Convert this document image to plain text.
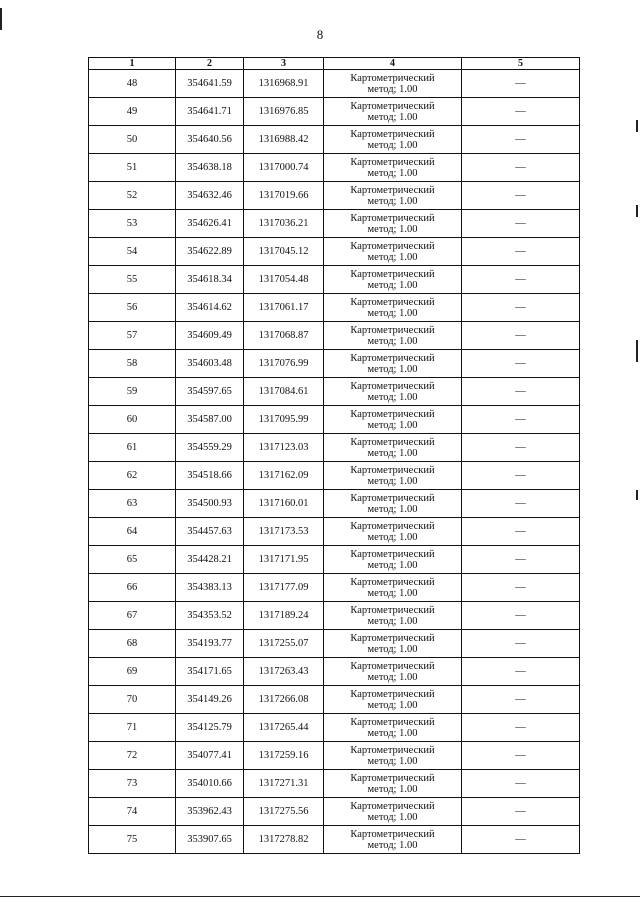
8
1	2	3	4	5
48	354641.59	1316968.91	Картометрический
метод; 1.00	—
49	354641.71	1316976.85	Картометрический
метод; 1.00	—
50	354640.56	1316988.42	Картометрический
метод; 1.00	—
51	354638.18	1317000.74	Картометрический
метод; 1.00	—
52	354632.46	1317019.66	Картометрический
метод; 1.00	—
53	354626.41	1317036.21	Картометрический
метод; 1.00	—
54	354622.89	1317045.12	Картометрический
метод; 1.00	—
55	354618.34	1317054.48	Картометрический
метод; 1.00	—
56	354614.62	1317061.17	Картометрический
метод; 1.00	—
57	354609.49	1317068.87	Картометрический
метод; 1.00	—
58	354603.48	1317076.99	Картометрический
метод; 1.00	—
59	354597.65	1317084.61	Картометрический
метод; 1.00	—
60	354587.00	1317095.99	Картометрический
метод; 1.00	—
61	354559.29	1317123.03	Картометрический
метод; 1.00	—
62	354518.66	1317162.09	Картометрический
метод; 1.00	—
63	354500.93	1317160.01	Картометрический
метод; 1.00	—
64	354457.63	1317173.53	Картометрический
метод; 1.00	—
65	354428.21	1317171.95	Картометрический
метод; 1.00	—
66	354383.13	1317177.09	Картометрический
метод; 1.00	—
67	354353.52	1317189.24	Картометрический
метод; 1.00	—
68	354193.77	1317255.07	Картометрический
метод; 1.00	—
69	354171.65	1317263.43	Картометрический
метод; 1.00	—
70	354149.26	1317266.08	Картометрический
метод; 1.00	—
71	354125.79	1317265.44	Картометрический
метод; 1.00	—
72	354077.41	1317259.16	Картометрический
метод; 1.00	—
73	354010.66	1317271.31	Картометрический
метод; 1.00	—
74	353962.43	1317275.56	Картометрический
метод; 1.00	—
75	353907.65	1317278.82	Картометрический
метод; 1.00	—
